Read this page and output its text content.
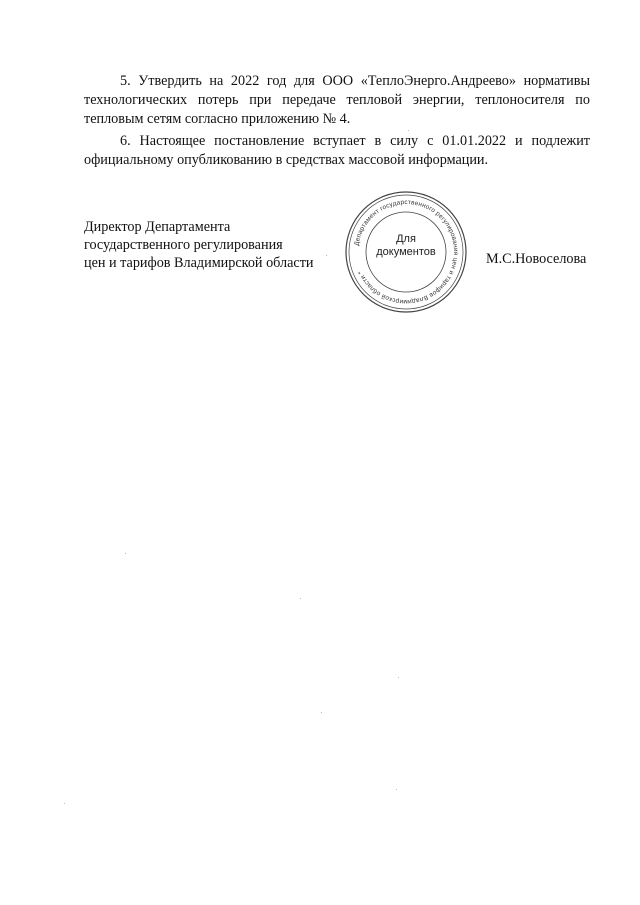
5. Утвердить на 2022 год для ООО «ТеплоЭнерго.Андреево» нормативы технологических потерь при передаче тепловой энергии, теплоносителя по тепловым сетям согласно приложению № 4.

6. Настоящее постановление вступает в силу с 01.01.2022 и подлежит официальному опубликованию в средствах массовой информации.

Директор Департамента
государственного регулирования
цен и тарифов Владимирской области
Департамент государственного регулирования цен и тарифов Владимирской области *
Для
документов	М.С.Новоселова
